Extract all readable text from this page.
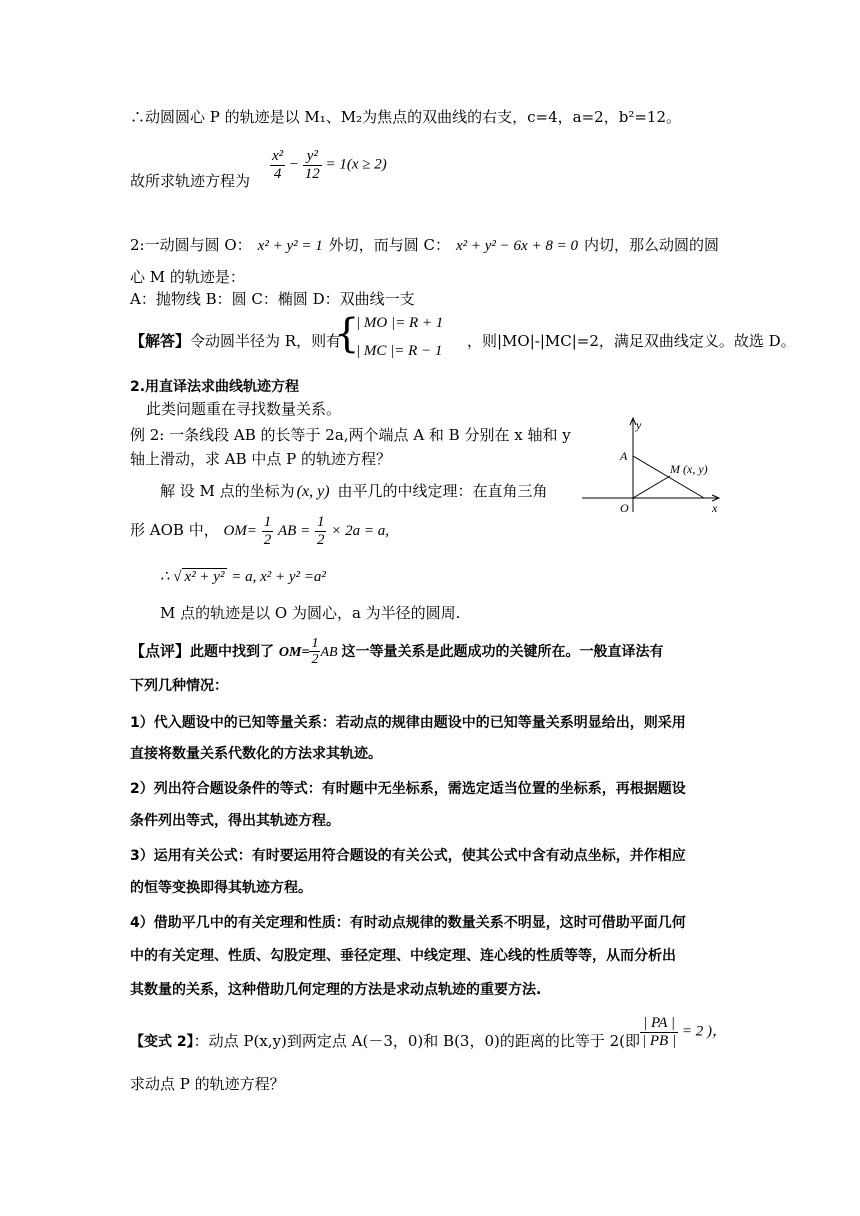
∴动圆圆心 P 的轨迹是以 M₁、M₂为焦点的双曲线的右支，c=4，a=2，b²=12。
故所求轨迹方程为 $\frac{\text{x²}}{4} - \frac{\text{y²}}{12} = 1(x \ge 2)$
2:一动圆与圆 O： x² + y² = 1 外切，而与圆 C： x² + y² − 6x + 8 = 0 内切，那么动圆的圆
心 M 的轨迹是：
A：抛物线 B：圆 C：椭圆 D：双曲线一支
【解答】令动圆半径为 R，则有
{
| MO |= R + 1
| MC |= R − 1
，则|MO|-|MC|=2，满足双曲线定义。故选 D。
2.用直译法求曲线轨迹方程
此类问题重在寻找数量关系。
例 2: 一条线段 AB 的长等于 2a,两个端点 A 和 B 分别在 x 轴和 y
轴上滑动，求 AB 中点 P 的轨迹方程？
解 设 M 点的坐标为 (x, y) 由平几的中线定理：在直角三角
形 AOB 中， $OM= \frac{1}{2}$ AB = $\frac{1}{2} \times 2a = a$,
∴ √ x² + y² = a, x² + y² =a²
M 点的轨迹是以 O 为圆心，a 为半径的圆周.
y
A
M (x, y)
O	x
【点评】此题中找到了 $OM= \frac{1}{2}$ AB 这一等量关系是此题成功的关键所在。一般直译法有
下列几种情况：
1）代入题设中的已知等量关系：若动点的规律由题设中的已知等量关系明显给出，则采用
直接将数量关系代数化的方法求其轨迹。
2）列出符合题设条件的等式：有时题中无坐标系，需选定适当位置的坐标系，再根据题设
条件列出等式，得出其轨迹方程。
3）运用有关公式：有时要运用符合题设的有关公式，使其公式中含有动点坐标，并作相应
的恒等变换即得其轨迹方程。
4）借助平几中的有关定理和性质：有时动点规律的数量关系不明显，这时可借助平面几何
中的有关定理、性质、勾股定理、垂径定理、中线定理、连心线的性质等等，从而分析出
其数量的关系，这种借助几何定理的方法是求动点轨迹的重要方法.
【变式 2】：动点 P(x,y)到两定点 A(－3，0)和 B(3，0)的距离的比等于 2(即 $\frac{| PA |}{| PB |} = 2$ )，
求动点 P 的轨迹方程？
